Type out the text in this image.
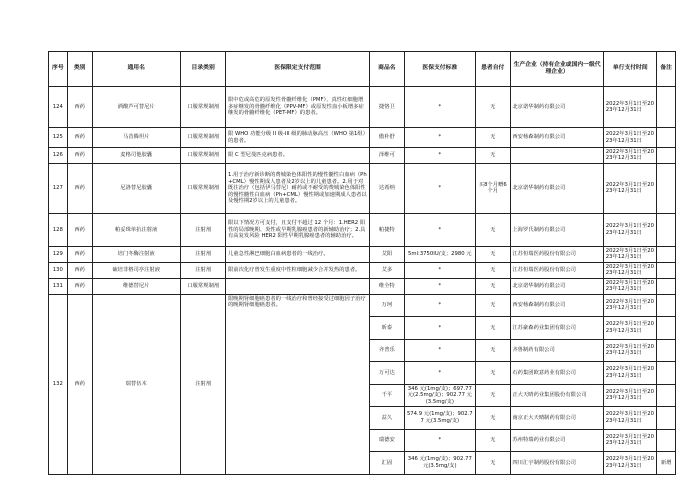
序号	类别	通用名	目录类别	医保限定支付范围	商品名	医保支付标准	患者自付	生产企业（持有企业或国内一级代理企业）	单行支付时间	备注
124	西药	酒酸芦可替尼片	口服常规制剂	限中危或高危的原发性骨髓纤维化（PMF）、真性红细胞增多症继发的骨髓纤维化（PPV-MF）或原发性血小板增多症继发的骨髓纤维化（PET-MF）的患者。	捷恪卫	*	无	北京诺华制药有限公司	2022年3月1日至2023年12月31日	
125	西药	马昔腾坦片	口服常规制剂	限 WHO 功能分级 II 级-III 级的肺动脉高压（WHO 第1组）的患者。	傲朴舒	*	无	西安杨森制药有限公司	2022年3月1日至2023年12月31日	
126	西药	麦格司他胶囊	口服常规制剂	限 C 型尼曼匹克病患者。	泽维可	*	无		2022年3月1日至2023年12月31日	
127	西药	尼洛替尼胶囊	口服常规制剂	1.用于治疗新诊断的费城染色体阳性的慢性髓性白血病（Ph+CML）慢性期成人患者及2岁以上的儿童患者。2.用于对既往治疗（包括伊马替尼）耐药或不耐受的费城染色体阳性的慢性髓性白血病（Ph+CML）慢性期或加速期成人患者以及慢性期2岁以上的儿童患者。	达希纳	*	买8个月赠6个月	北京诺华制药有限公司	2022年3月1日至2023年12月31日	
128	西药	帕妥珠单抗注射液	注射剂	限以下情况方可支付，且支付不超过 12 个月：1.HER2 阳性的局部晚期、炎性或早期乳腺癌患者的新辅助治疗；2.具有高复发风险 HER2 阳性早期乳腺癌患者的辅助治疗。	帕捷特	*	无	上海罗氏制药有限公司	2022年3月1日至2023年12月31日	
129	西药	培门冬酶注射液	注射剂	儿童急性淋巴细胞白血病患者的一线治疗。	艾阳	5ml:3750IU/支；2980 元	无	江苏恒瑞医药股份有限公司	2022年3月1日至2023年12月31日	
130	西药	硫培非格司亭注射液	注射剂	限前次化疗曾发生重度中性粒细胞减少合并发热的患者。	艾多	*	无	江苏恒瑞医药股份有限公司	2022年3月1日至2023年12月31日	
131	西药	维德替尼片	口服常规制剂		维全特	*	无	北京诺华制药有限公司	2022年3月1日至2023年12月31日	
132	西药	瑞替伍木	注射剂	限晚期肾细胞癌患者的一线治疗和曾经接受过细胞因子治疗的晚期肾细胞癌患者。	万珂	*	无	西安杨森制药有限公司	2022年3月1日至2023年12月31日	
					昕泰	*	无	江苏豪森药业集团有限公司	2022年3月1日至2023年12月31日	
					齐普乐	*	无	齐鲁制药有限公司	2022年3月1日至2023年12月31日	
					万可达	*	无	石药集团欧意药业有限公司	2022年3月1日至2023年12月31日	
					千平	346 元(1mg/支)；697.77 元(2.5mg/支)；902.77 元(3.5mg/支)	无	正大天晴药业集团股份有限公司	2022年3月1日至2023年12月31日	
					益久	574.9 元(1mg/支)；902.77 元(3.5mg/支)	无	南京正大天晴制药有限公司	2022年3月1日至2023年12月31日	
					瑞德安	*	无	苏州特瑞药业有限公司	2022年3月1日至2023年12月31日	
					汇固	346 元(1mg/支)；902.77 元(3.5mg/支)	无	四川汇宇制药股份有限公司	2022年3月1日至2023年12月31日	新增
